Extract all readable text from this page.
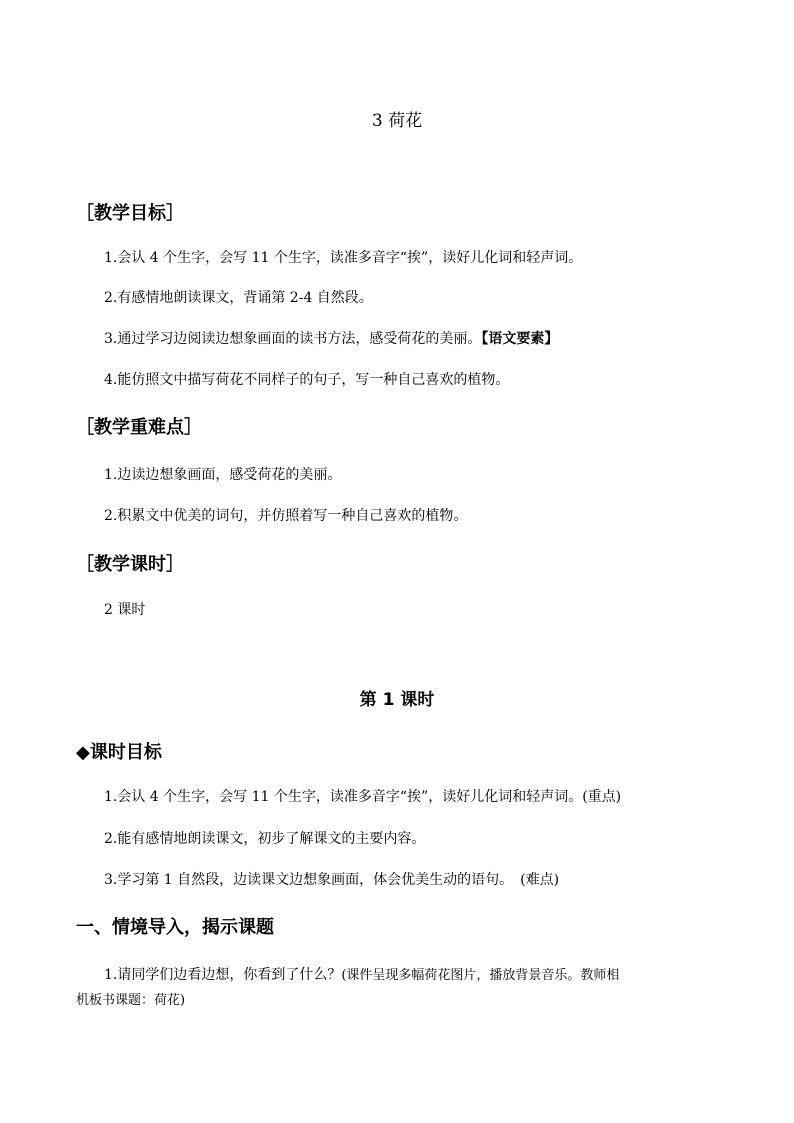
3 荷花
［教学目标］
1.会认 4 个生字，会写 11 个生字，读准多音字“挨”，读好儿化词和轻声词。
2.有感情地朗读课文，背诵第 2-4 自然段。
3.通过学习边阅读边想象画面的读书方法，感受荷花的美丽。【语文要素】
4.能仿照文中描写荷花不同样子的句子，写一种自己喜欢的植物。
［教学重难点］
1.边读边想象画面，感受荷花的美丽。
2.积累文中优美的词句，并仿照着写一种自己喜欢的植物。
［教学课时］
2 课时
第 1 课时
◆课时目标
1.会认 4 个生字，会写 11 个生字，读准多音字“挨”，读好儿化词和轻声词。(重点)
2.能有感情地朗读课文，初步了解课文的主要内容。
3.学习第 1 自然段，边读课文边想象画面，体会优美生动的语句。　(难点)
一、情境导入，揭示课题
1.请同学们边看边想，你看到了什么？(课件呈现多幅荷花图片，播放背景音乐。教师相
机板书课题：荷花)
